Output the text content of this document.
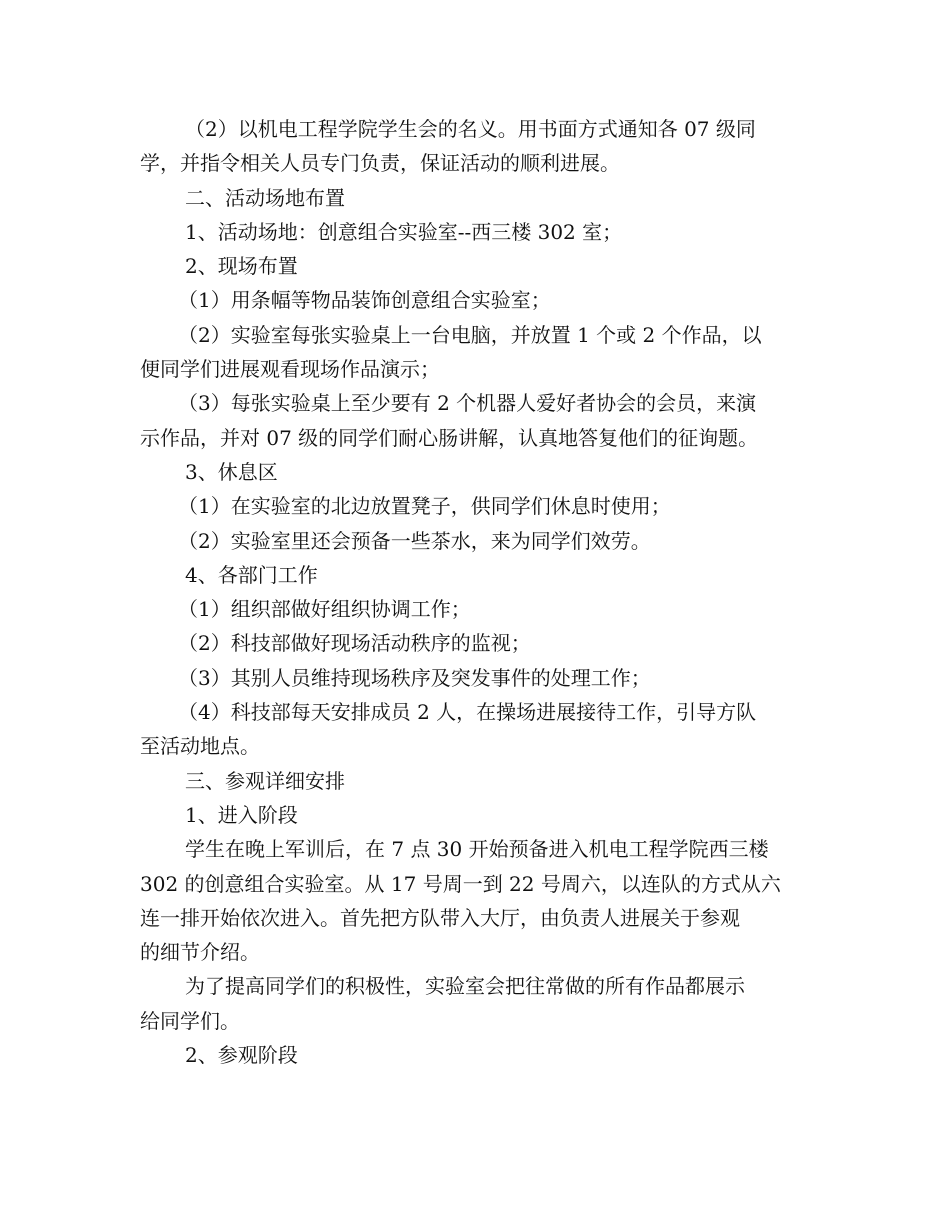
（2）以机电工程学院学生会的名义。用书面方式通知各 07 级同

学，并指令相关人员专门负责，保证活动的顺利进展。

二、活动场地布置

1、活动场地：创意组合实验室--西三楼 302 室；

2、现场布置

（1）用条幅等物品装饰创意组合实验室；

（2）实验室每张实验桌上一台电脑，并放置 1 个或 2 个作品，以

便同学们进展观看现场作品演示；

（3）每张实验桌上至少要有 2 个机器人爱好者协会的会员，来演

示作品，并对 07 级的同学们耐心肠讲解，认真地答复他们的征询题。

3、休息区

（1）在实验室的北边放置凳子，供同学们休息时使用；

（2）实验室里还会预备一些茶水，来为同学们效劳。

4、各部门工作

（1）组织部做好组织协调工作；

（2）科技部做好现场活动秩序的监视；

（3）其别人员维持现场秩序及突发事件的处理工作；

（4）科技部每天安排成员 2 人，在操场进展接待工作，引导方队

至活动地点。

三、参观详细安排

1、进入阶段

学生在晚上军训后，在 7 点 30 开始预备进入机电工程学院西三楼

302 的创意组合实验室。从 17 号周一到 22 号周六，以连队的方式从六

连一排开始依次进入。首先把方队带入大厅，由负责人进展关于参观

的细节介绍。

为了提高同学们的积极性，实验室会把往常做的所有作品都展示

给同学们。

2、参观阶段
